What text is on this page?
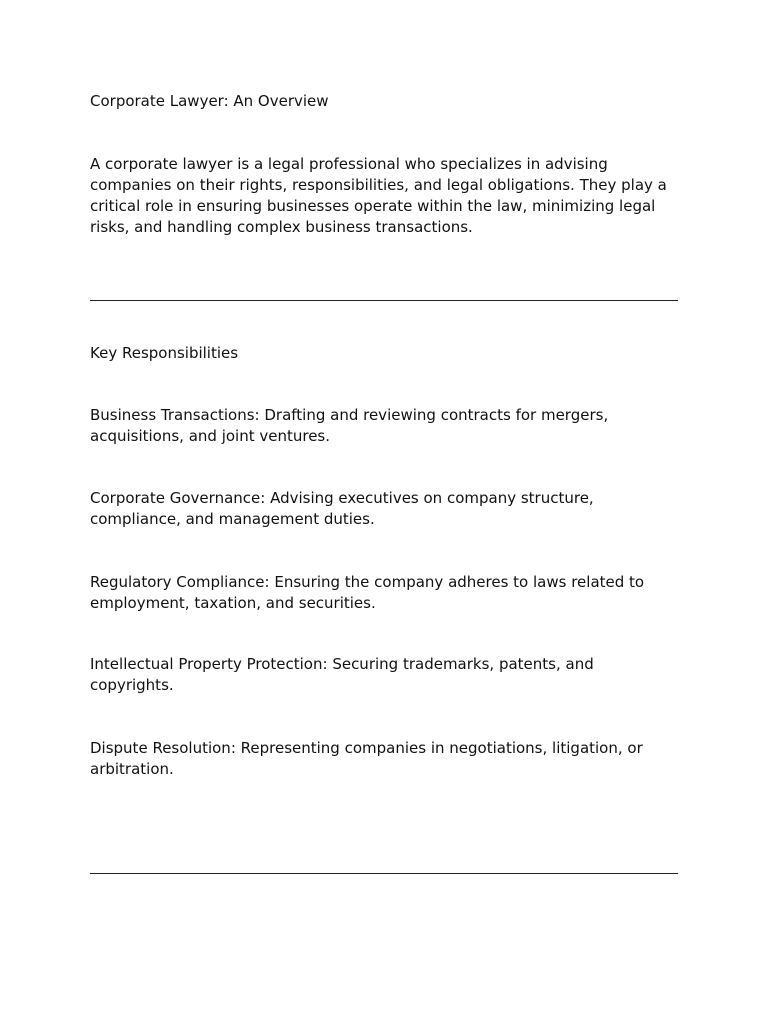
Corporate Lawyer: An Overview

A corporate lawyer is a legal professional who specializes in advising companies on their rights, responsibilities, and legal obligations. They play a critical role in ensuring businesses operate within the law, minimizing legal risks, and handling complex business transactions.

Key Responsibilities

Business Transactions: Drafting and reviewing contracts for mergers, acquisitions, and joint ventures.

Corporate Governance: Advising executives on company structure, compliance, and management duties.

Regulatory Compliance: Ensuring the company adheres to laws related to employment, taxation, and securities.

Intellectual Property Protection: Securing trademarks, patents, and copyrights.

Dispute Resolution: Representing companies in negotiations, litigation, or arbitration.
